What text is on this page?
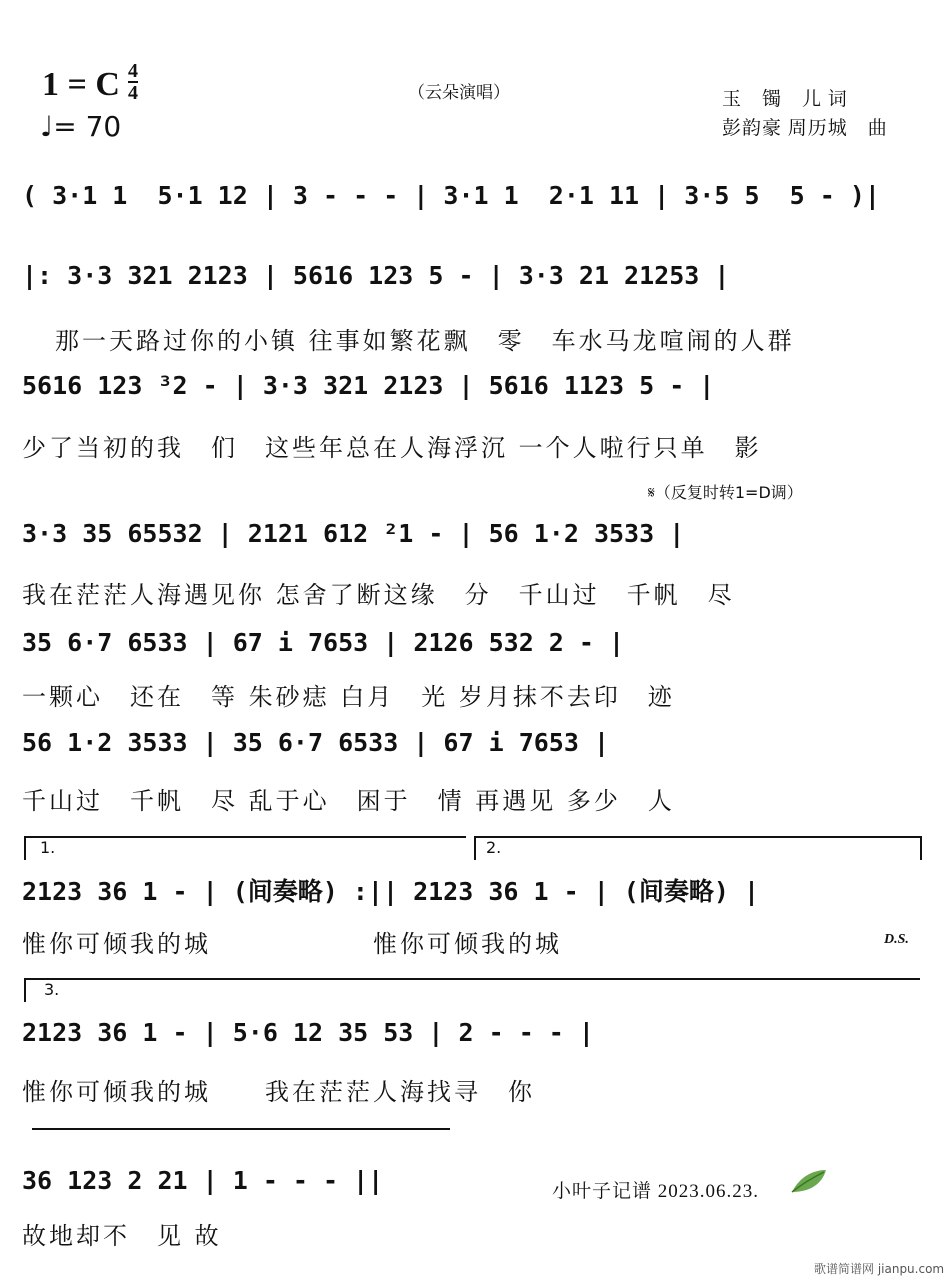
1 = C 4
4
♩= 70
（云朵演唱）	玉　镯　儿 词
彭韵豪 周历城　曲
( 3·1 1  5·1 12 | 3 - - - | 3·1 1  2·1 11 | 3·5 5  5 - )|
|: 3·3 321 2123 | 5616 123 5 - | 3·3 21 21253 |
那一天路过你的小镇 往事如繁花飘　零　车水马龙喧闹的人群
5616 123 ³2 - | 3·3 321 2123 | 5616 1123 5 - |
少了当初的我　们　这些年总在人海浮沉 一个人啦行只单　影
𝄋（反复时转1=D调）
3·3 35 65532 | 2121 612 ²1 - | 56 1·2 3533 |
我在茫茫人海遇见你 怎舍了断这缘　分　千山过　千帆　尽
35 6·7 6533 | 67 i 7653 | 2126 532 2 - |
一颗心　还在　等 朱砂痣 白月　光 岁月抹不去印　迹
56 1·2 3533 | 35 6·7 6533 | 67 i 7653 |
千山过　千帆　尽 乱于心　困于　情 再遇见 多少　人
1.	2.
2123 36 1 - | (间奏略) :|| 2123 36 1 - | (间奏略) |
惟你可倾我的城　　　　　　惟你可倾我的城	D.S.
3.
2123 36 1 - | 5·6 12 35 53 | 2 - - - |
惟你可倾我的城　　我在茫茫人海找寻　你
36 123 2 21 | 1 - - - ||
故地却不　见 故
小叶子记谱 2023.06.23.
歌谱简谱网 jianpu.com
